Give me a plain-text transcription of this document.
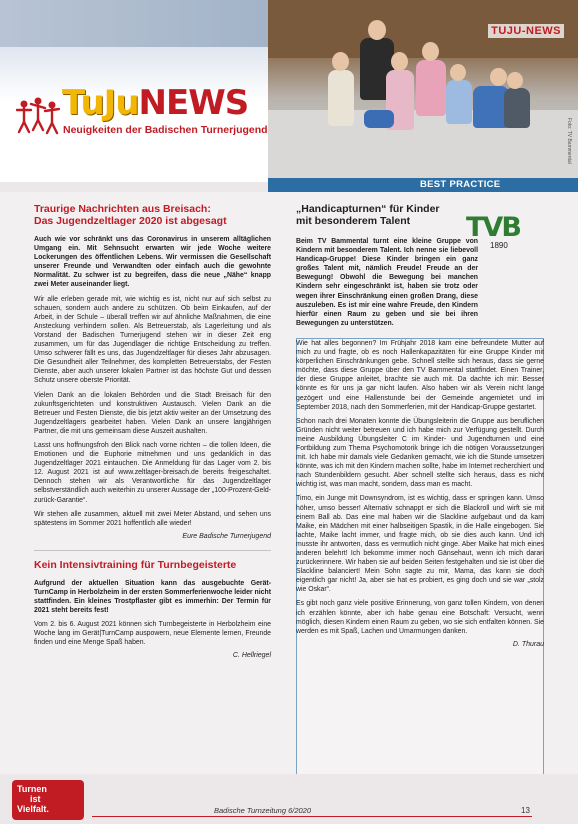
TUJU-NEWS
Foto: TV Bammental
TuJuNEWS
Neuigkeiten der Badischen Turnerjugend
BEST PRACTICE
Traurige Nachrichten aus Breisach:
Das Jugendzeltlager 2020 ist abgesagt

Auch wie vor schränkt uns das Coronavirus in unserem alltäglichen Umgang ein. Mit Sehnsucht erwarten wir jede Woche weitere Lockerungen des öffentlichen Lebens. Wir vermissen die Gesellschaft unserer Freunde und Verwandten oder einfach auch die gewohnte Normalität. Zu schwer ist zu begreifen, dass die neue „Nähe“ knapp zwei Meter auseinander liegt.

Wir alle erleben gerade mit, wie wichtig es ist, nicht nur auf sich selbst zu schauen, sondern auch andere zu schützen. Ob beim Einkaufen, auf der Arbeit, in der Schule – überall treffen wir auf ähnliche Maßnahmen, die eine Ansteckung verhindern sollen. Als Betreuerstab, als Lagerleitung und als Vorstand der Badischen Turnerjugend stehen wir in dieser Zeit eng zusammen, um für das Jugendlager die richtige Entscheidung zu treffen. Umso schwerer fällt es uns, das Jugendzeltlager für dieses Jahr abzusagen. Die Gesundheit aller Teilnehmer, des kompletten Betreuerstabs, der Festen Dienste, aber auch unserer lokalen Partner ist das höchste Gut und dessen Schutz unsere oberste Priorität.

Vielen Dank an die lokalen Behörden und die Stadt Breisach für den zukunftsgerichteten und konstruktiven Austausch. Vielen Dank an die Betreuer und Festen Dienste, die bis jetzt aktiv weiter an der Umsetzung des Jugendzeltlagers gearbeitet haben. Vielen Dank an unsere langjährigen Partner, die mit uns gemeinsam diese Auszeit aushalten.

Lasst uns hoffnungsfroh den Blick nach vorne richten – die tollen Ideen, die Emotionen und die Euphorie mitnehmen und uns gedanklich in das Jugendzeltlager 2021 eintauchen. Die Anmeldung für das Lager vom 2. bis 12. August 2021 ist auf www.zeltlager-breisach.de bereits freigeschaltet. Dennoch stehen wir als Verantwortliche für das Jugendzeltlager selbstverständlich auch weiterhin zu unserer Aussage der „100-Prozent-Geld-zurück-Garantie“.

Wir stehen alle zusammen, aktuell mit zwei Meter Abstand, und sehen uns spätestens im Sommer 2021 hoffentlich alle wieder!

Eure Badische Turnerjugend
Kein Intensivtraining für Turnbegeisterte

Aufgrund der aktuellen Situation kann das ausgebuchte Gerät-TurnCamp in Herbolzheim in der ersten Sommerferienwoche leider nicht stattfinden. Ein kleines Trostpflaster gibt es immerhin: Der Termin für 2021 steht bereits fest!

Vom 2. bis 6. August 2021 können sich Turnbegeisterte in Herbolzheim eine Woche lang im Gerät|TurnCamp auspowern, neue Elemente lernen, Freunde finden und eine Menge Spaß haben.

C. Hellriegel
„Handicapturnen“ für Kinder
mit besonderem Talent

Beim TV Bammental turnt eine kleine Gruppe von Kindern mit besonderem Talent. Ich nenne sie liebevoll Handicap-Gruppe! Diese Kinder bringen ein ganz großes Talent mit, nämlich Freude! Freude an der Bewegung! Obwohl die Bewegung bei manchen Kindern sehr eingeschränkt ist, haben sie trotz oder wegen ihrer Einschränkung einen großen Drang, diese auszuleben. Es ist mir eine wahre Freude, den Kindern hierfür einen Raum zu geben und sie bei ihren Bewegungen zu unterstützen.

Wie hat alles begonnen? Im Frühjahr 2018 kam eine befreundete Mutter auf mich zu und fragte, ob es noch Hallenkapazitäten für eine Gruppe Kinder mit körperlichen Einschränkungen gebe. Schnell stellte sich heraus, dass sie gerne möchte, dass diese Gruppe über den TV Bammental stattfindet. Einen Trainer, der diese Gruppe anleitet, brachte sie auch mit. Da dachte ich mir: Besser könnte es für uns ja gar nicht laufen. Also haben wir als Verein nicht lange gezögert und eine Hallenstunde bei der Gemeinde angemietet und im September 2018, nach den Sommerferien, mit der Handicap-Gruppe gestartet.

Schon nach drei Monaten konnte die Übungsleiterin die Gruppe aus beruflichen Gründen nicht weiter betreuen und ich habe mich zur Verfügung gestellt. Durch meine Ausbildung Übungsleiter C im Kinder- und Jugendturnen und eine Fortbildung zum Thema Psychomotorik bringe ich die nötigen Voraussetzungen mit. Ich habe mir damals viele Gedanken gemacht, wie ich die Stunde umsetzen könnte, was ich mit den Kindern machen sollte, habe im Internet recherchiert und nach Stundenbildern gesucht. Aber schnell stellte sich heraus, dass es nicht wichtig ist, was man macht, sondern, dass man es macht.

Timo, ein Junge mit Downsyndrom, ist es wichtig, dass er springen kann. Umso höher, umso besser! Alternativ schnappt er sich die Blackroll und wirft sie mit einem Ball ab. Das eine mal haben wir die Slackline aufgebaut und da kam Maike, ein Mädchen mit einer halbseitigen Spastik, in die Halle eingebogen. Sie lachte, Maike lacht immer, und fragte mich, ob sie dies auch kann. Und ich musste ihr antworten, dass es vermutlich nicht ginge. Aber Maike hat mich eines anderen belehrt! Ich bekomme immer noch Gänsehaut, wenn ich mich daran zurückerinnere. Wir haben sie auf beiden Seiten festgehalten und sie ist über die Slackline balanciert! Mein Sohn sagte zu mir, Mama, das kann sie doch eigentlich gar nicht! Ja, aber sie hat es probiert, es ging doch und sie war „stolz wie Oskar“.

Es gibt noch ganz viele positive Erinnerung, von ganz tollen Kindern, von denen ich erzählen könnte, aber ich habe genau eine Botschaft: Versucht, wenn möglich, diesen Kindern einen Raum zu geben, wo sie sich entfalten können. Sie werden es mit Spaß, Lachen und Umarmungen danken.

D. Thurau
TVB
1890
Turnen
ist
Vielfalt.	Badische Turnzeitung 6/2020	13
